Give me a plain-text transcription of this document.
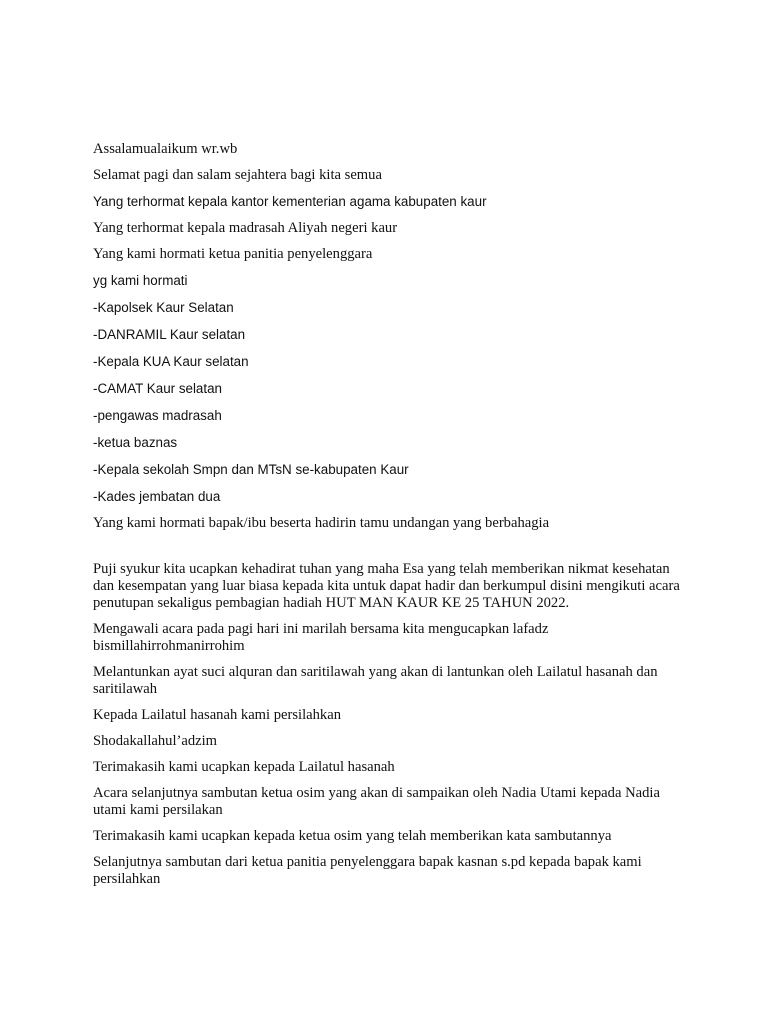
Assalamualaikum wr.wb

Selamat pagi dan salam sejahtera bagi kita semua

Yang terhormat kepala kantor kementerian agama kabupaten kaur

Yang terhormat kepala madrasah Aliyah negeri kaur

Yang kami hormati ketua panitia penyelenggara

yg kami hormati

-Kapolsek Kaur Selatan

-DANRAMIL Kaur selatan

-Kepala KUA Kaur selatan

-CAMAT Kaur selatan

-pengawas madrasah

-ketua baznas

-Kepala sekolah Smpn dan MTsN se-kabupaten Kaur

-Kades jembatan dua

Yang kami hormati bapak/ibu beserta hadirin tamu undangan yang berbahagia

Puji syukur kita ucapkan kehadirat tuhan yang maha Esa yang telah memberikan nikmat kesehatan dan kesempatan yang luar biasa kepada kita untuk dapat hadir dan berkumpul disini mengikuti acara penutupan sekaligus pembagian hadiah HUT MAN KAUR KE 25 TAHUN 2022.

Mengawali acara pada pagi hari ini marilah bersama kita mengucapkan lafadz bismillahirrohmanirrohim

Melantunkan ayat suci alquran dan saritilawah yang akan di lantunkan oleh Lailatul hasanah dan saritilawah

Kepada Lailatul hasanah kami persilahkan

Shodakallahul’adzim

Terimakasih kami ucapkan kepada Lailatul hasanah

Acara selanjutnya sambutan ketua osim yang akan di sampaikan oleh Nadia Utami kepada Nadia utami kami persilakan

Terimakasih kami ucapkan kepada ketua osim yang telah memberikan kata sambutannya

Selanjutnya sambutan dari ketua panitia penyelenggara bapak kasnan s.pd kepada bapak kami persilahkan
